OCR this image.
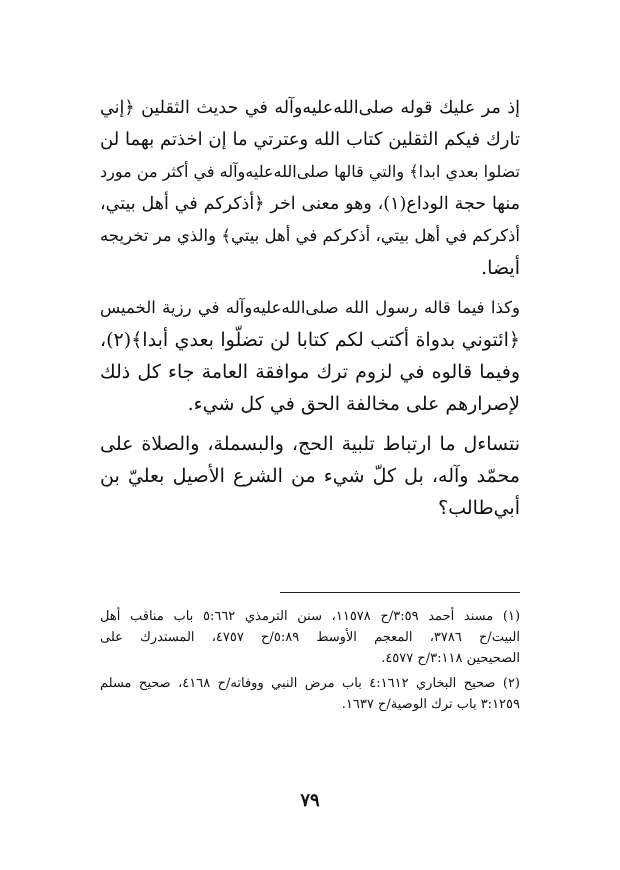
إذ مر عليك قوله صلى‌الله‌عليه‌وآله في حديث الثقلين ﴿إني
تارك فيكم الثقلين كتاب الله وعترتي ما إن اخذتم بهما لن
تضلوا بعدي ابدا﴾ والتي قالها صلى‌الله‌عليه‌وآله في أكثر من مورد
منها حجة الوداع(١)، وهو معنى اخر ﴿أذكركم في أهل بيتي،
أذكركم في أهل بيتي، أذكركم في أهل بيتي﴾ والذي مر تخريجه
أيضا.
وكذا فيما قاله رسول الله صلى‌الله‌عليه‌وآله في رزية الخميس
﴿ائتوني بدواة أكتب لكم كتابا لن تضلّوا بعدي أبدا﴾(٢)،
وفيما قالوه في لزوم ترك موافقة العامة جاء كل ذلك
لإصرارهم على مخالفة الحق في كل شيء.
نتساءل ما ارتباط تلبية الحج، والبسملة، والصلاة على
محمّد وآله، بل كلّ شيء من الشرع الأصيل بعليّ بن
أبي‌طالب؟
(١) مسند أحمد ٣:٥٩/ح ١١٥٧٨، سنن الترمذي ٥:٦٦٢ باب مناقب أهل
البيت/ح ٣٧٨٦، المعجم الأوسط ٥:٨٩/ح ٤٧٥٧، المستدرك على
الصحيحين ٣:١١٨/ح ٤٥٧٧.
(٢) صحيح البخاري ٤:١٦١٢ باب مرض النبي ووفاته/ح ٤١٦٨، صحيح مسلم
٣:١٢٥٩ باب ترك الوصية/ح ١٦٣٧.
٧٩
